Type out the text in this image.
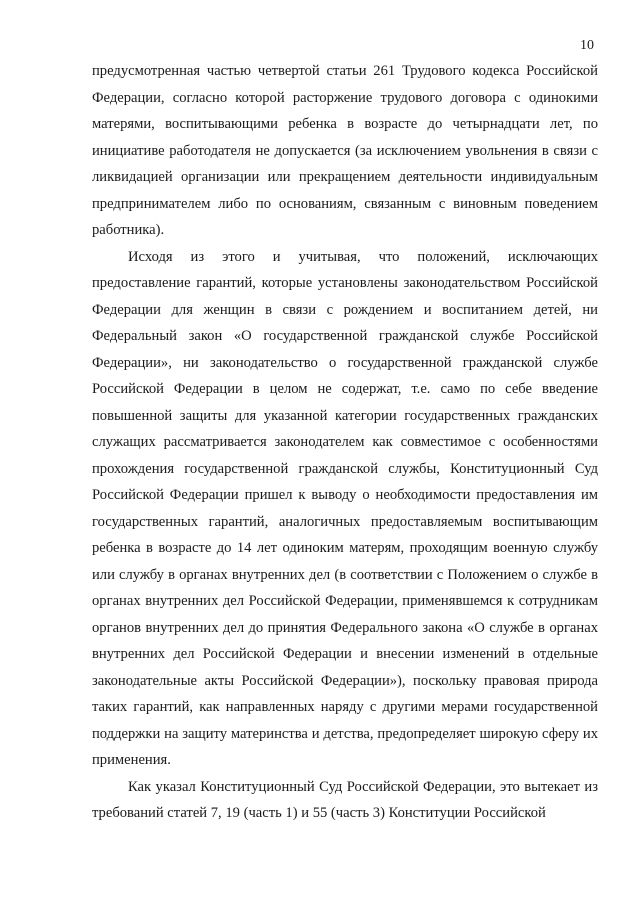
10

предусмотренная частью четвертой статьи 261 Трудового кодекса Российской Федерации, согласно которой расторжение трудового договора с одинокими матерями, воспитывающими ребенка в возрасте до четырнадцати лет, по инициативе работодателя не допускается (за исключением увольнения в связи с ликвидацией организации или прекращением деятельности индивидуальным предпринимателем либо по основаниям, связанным с виновным поведением работника).

Исходя из этого и учитывая, что положений, исключающих предоставление гарантий, которые установлены законодательством Российской Федерации для женщин в связи с рождением и воспитанием детей, ни Федеральный закон «О государственной гражданской службе Российской Федерации», ни законодательство о государственной гражданской службе Российской Федерации в целом не содержат, т.е. само по себе введение повышенной защиты для указанной категории государственных гражданских служащих рассматривается законодателем как совместимое с особенностями прохождения государственной гражданской службы, Конституционный Суд Российской Федерации пришел к выводу о необходимости предоставления им государственных гарантий, аналогичных предоставляемым воспитывающим ребенка в возрасте до 14 лет одиноким матерям, проходящим военную службу или службу в органах внутренних дел (в соответствии с Положением о службе в органах внутренних дел Российской Федерации, применявшемся к сотрудникам органов внутренних дел до принятия Федерального закона «О службе в органах внутренних дел Российской Федерации и внесении изменений в отдельные законодательные акты Российской Федерации»), поскольку правовая природа таких гарантий, как направленных наряду с другими мерами государственной поддержки на защиту материнства и детства, предопределяет широкую сферу их применения.

Как указал Конституционный Суд Российской Федерации, это вытекает из требований статей 7, 19 (часть 1) и 55 (часть 3) Конституции Российской
